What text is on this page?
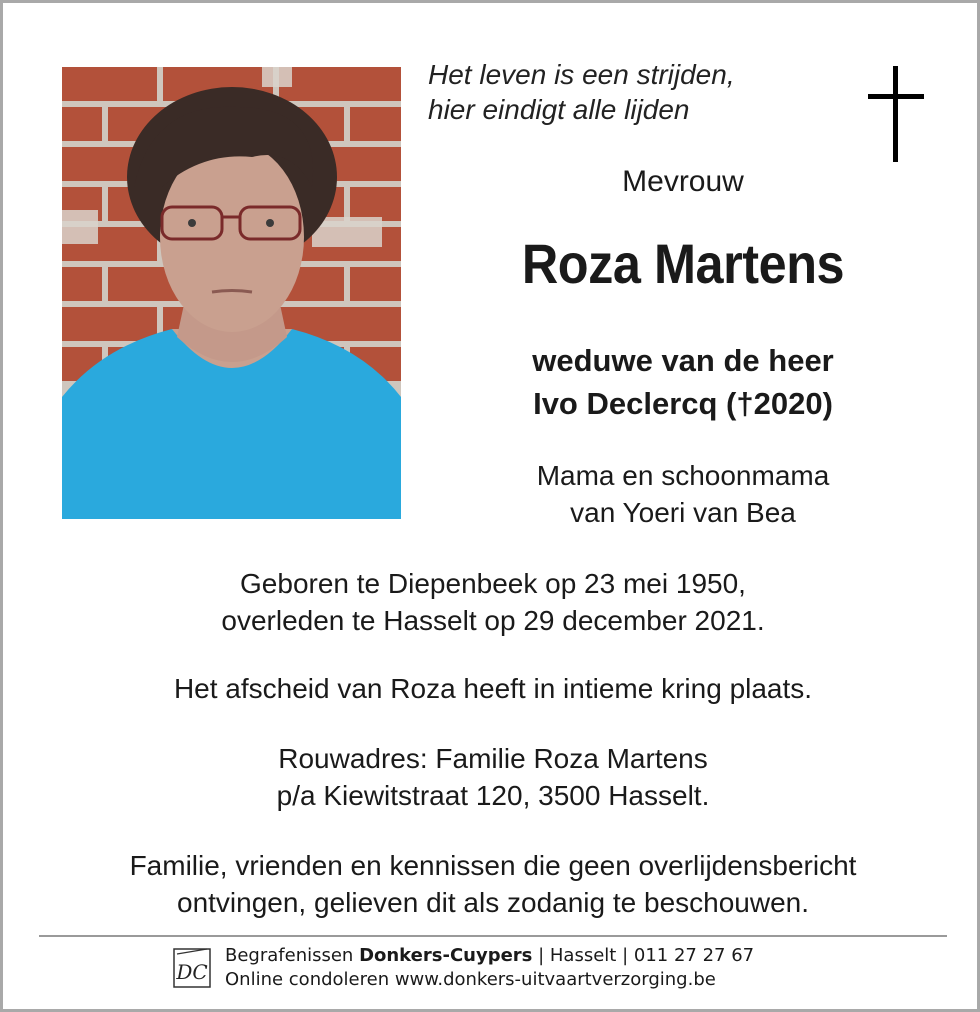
Het leven is een strijden,
hier eindigt alle lijden
Mevrouw
Roza Martens
weduwe van de heer
Ivo Declercq (†2020)
Mama en schoonmama
van Yoeri van Bea
Geboren te Diepenbeek op 23 mei 1950,
overleden te Hasselt op 29 december 2021.
Het afscheid van Roza heeft in intieme kring plaats.
Rouwadres: Familie Roza Martens
p/a Kiewitstraat 120, 3500 Hasselt.
Familie, vrienden en kennissen die geen overlijdensbericht
ontvingen, gelieven dit als zodanig te beschouwen.
DC
Begrafenissen Donkers-Cuypers | Hasselt | 011 27 27 67
Online condoleren www.donkers-uitvaartverzorging.be
